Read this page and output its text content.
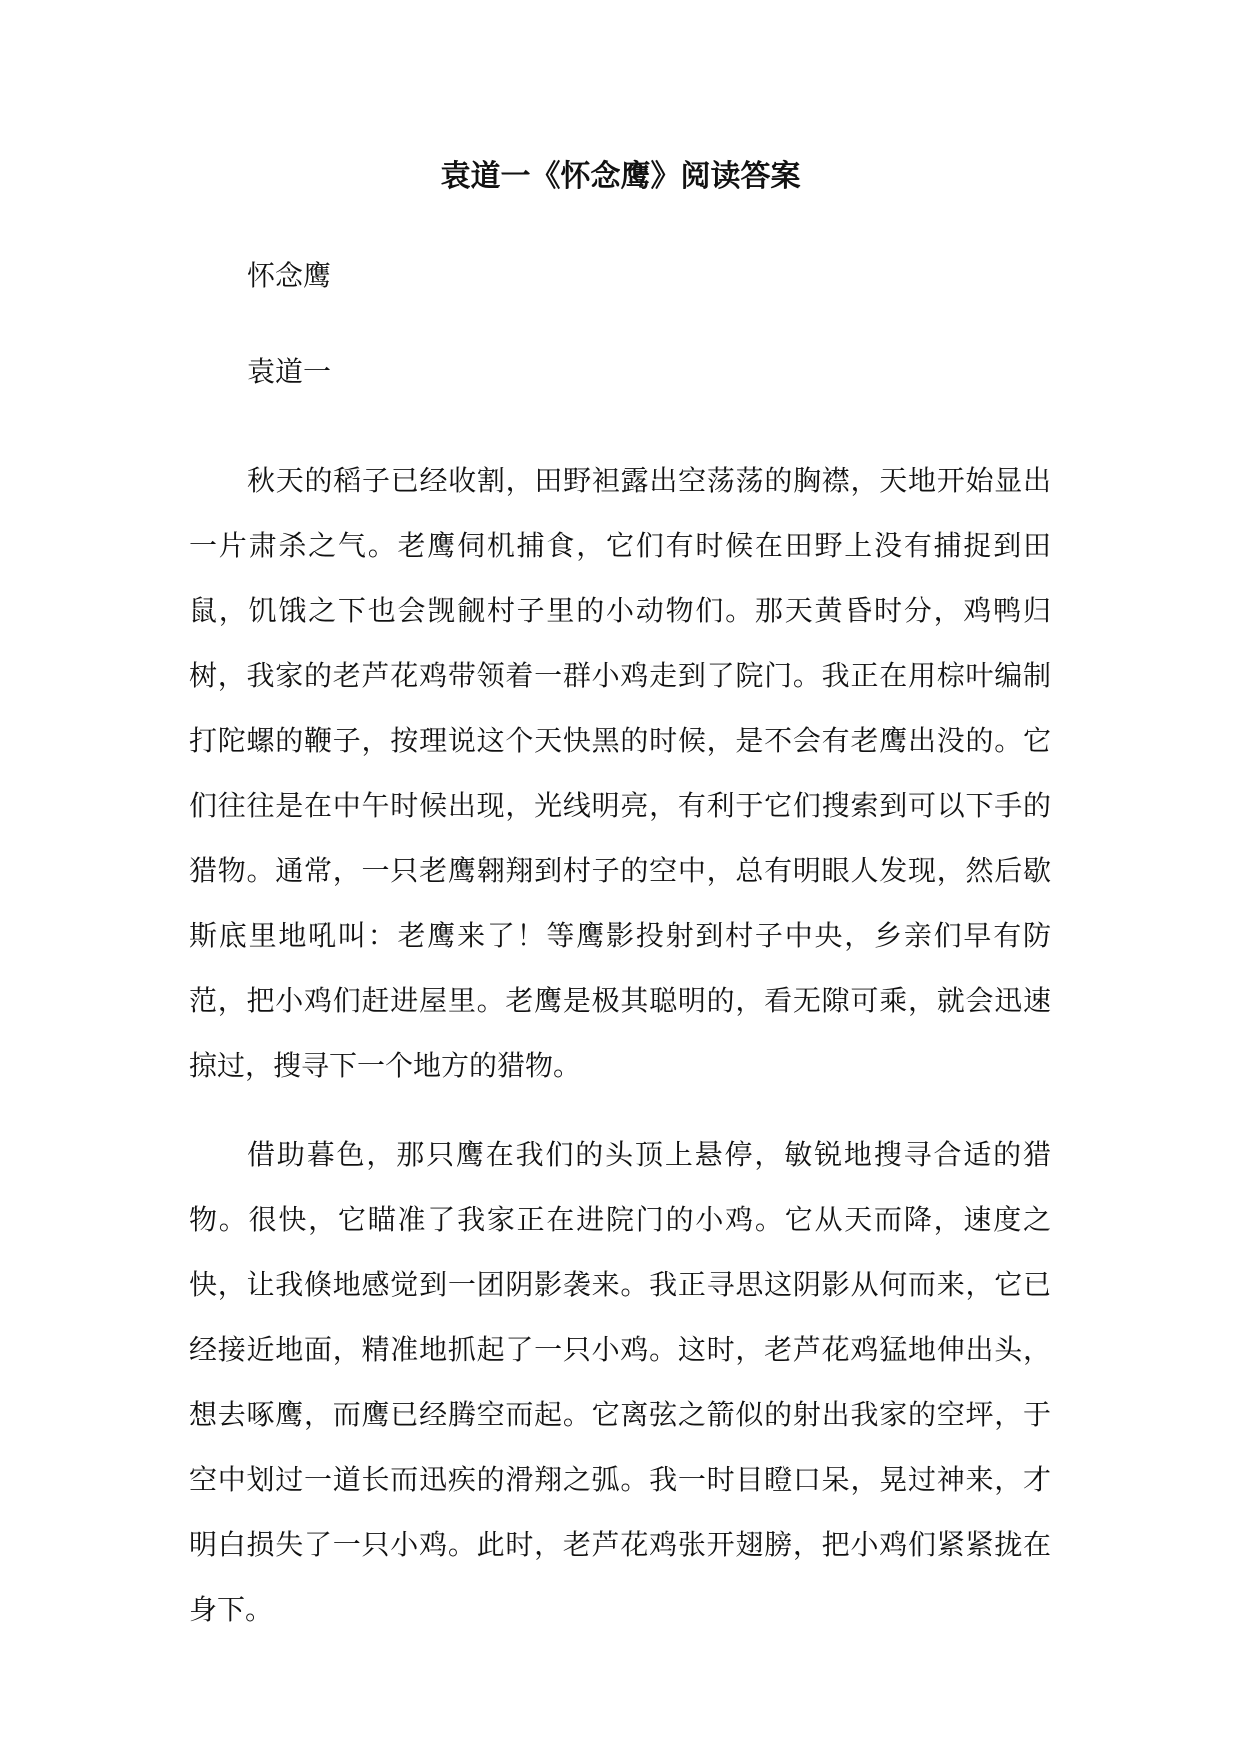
袁道一《怀念鹰》阅读答案
怀念鹰
袁道一

秋天的稻子已经收割，田野袒露出空荡荡的胸襟，天地开始显出一片肃杀之气。老鹰伺机捕食，它们有时候在田野上没有捕捉到田鼠，饥饿之下也会觊觎村子里的小动物们。那天黄昏时分，鸡鸭归树，我家的老芦花鸡带领着一群小鸡走到了院门。我正在用棕叶编制打陀螺的鞭子，按理说这个天快黑的时候，是不会有老鹰出没的。它们往往是在中午时候出现，光线明亮，有利于它们搜索到可以下手的猎物。通常，一只老鹰翱翔到村子的空中，总有明眼人发现，然后歇斯底里地吼叫：老鹰来了！等鹰影投射到村子中央，乡亲们早有防范，把小鸡们赶进屋里。老鹰是极其聪明的，看无隙可乘，就会迅速掠过，搜寻下一个地方的猎物。

借助暮色，那只鹰在我们的头顶上悬停，敏锐地搜寻合适的猎物。很快，它瞄准了我家正在进院门的小鸡。它从天而降，速度之快，让我倏地感觉到一团阴影袭来。我正寻思这阴影从何而来，它已经接近地面，精准地抓起了一只小鸡。这时，老芦花鸡猛地伸出头，想去啄鹰，而鹰已经腾空而起。它离弦之箭似的射出我家的空坪，于空中划过一道长而迅疾的滑翔之弧。我一时目瞪口呆，晃过神来，才明白损失了一只小鸡。此时，老芦花鸡张开翅膀，把小鸡们紧紧拢在身下。
